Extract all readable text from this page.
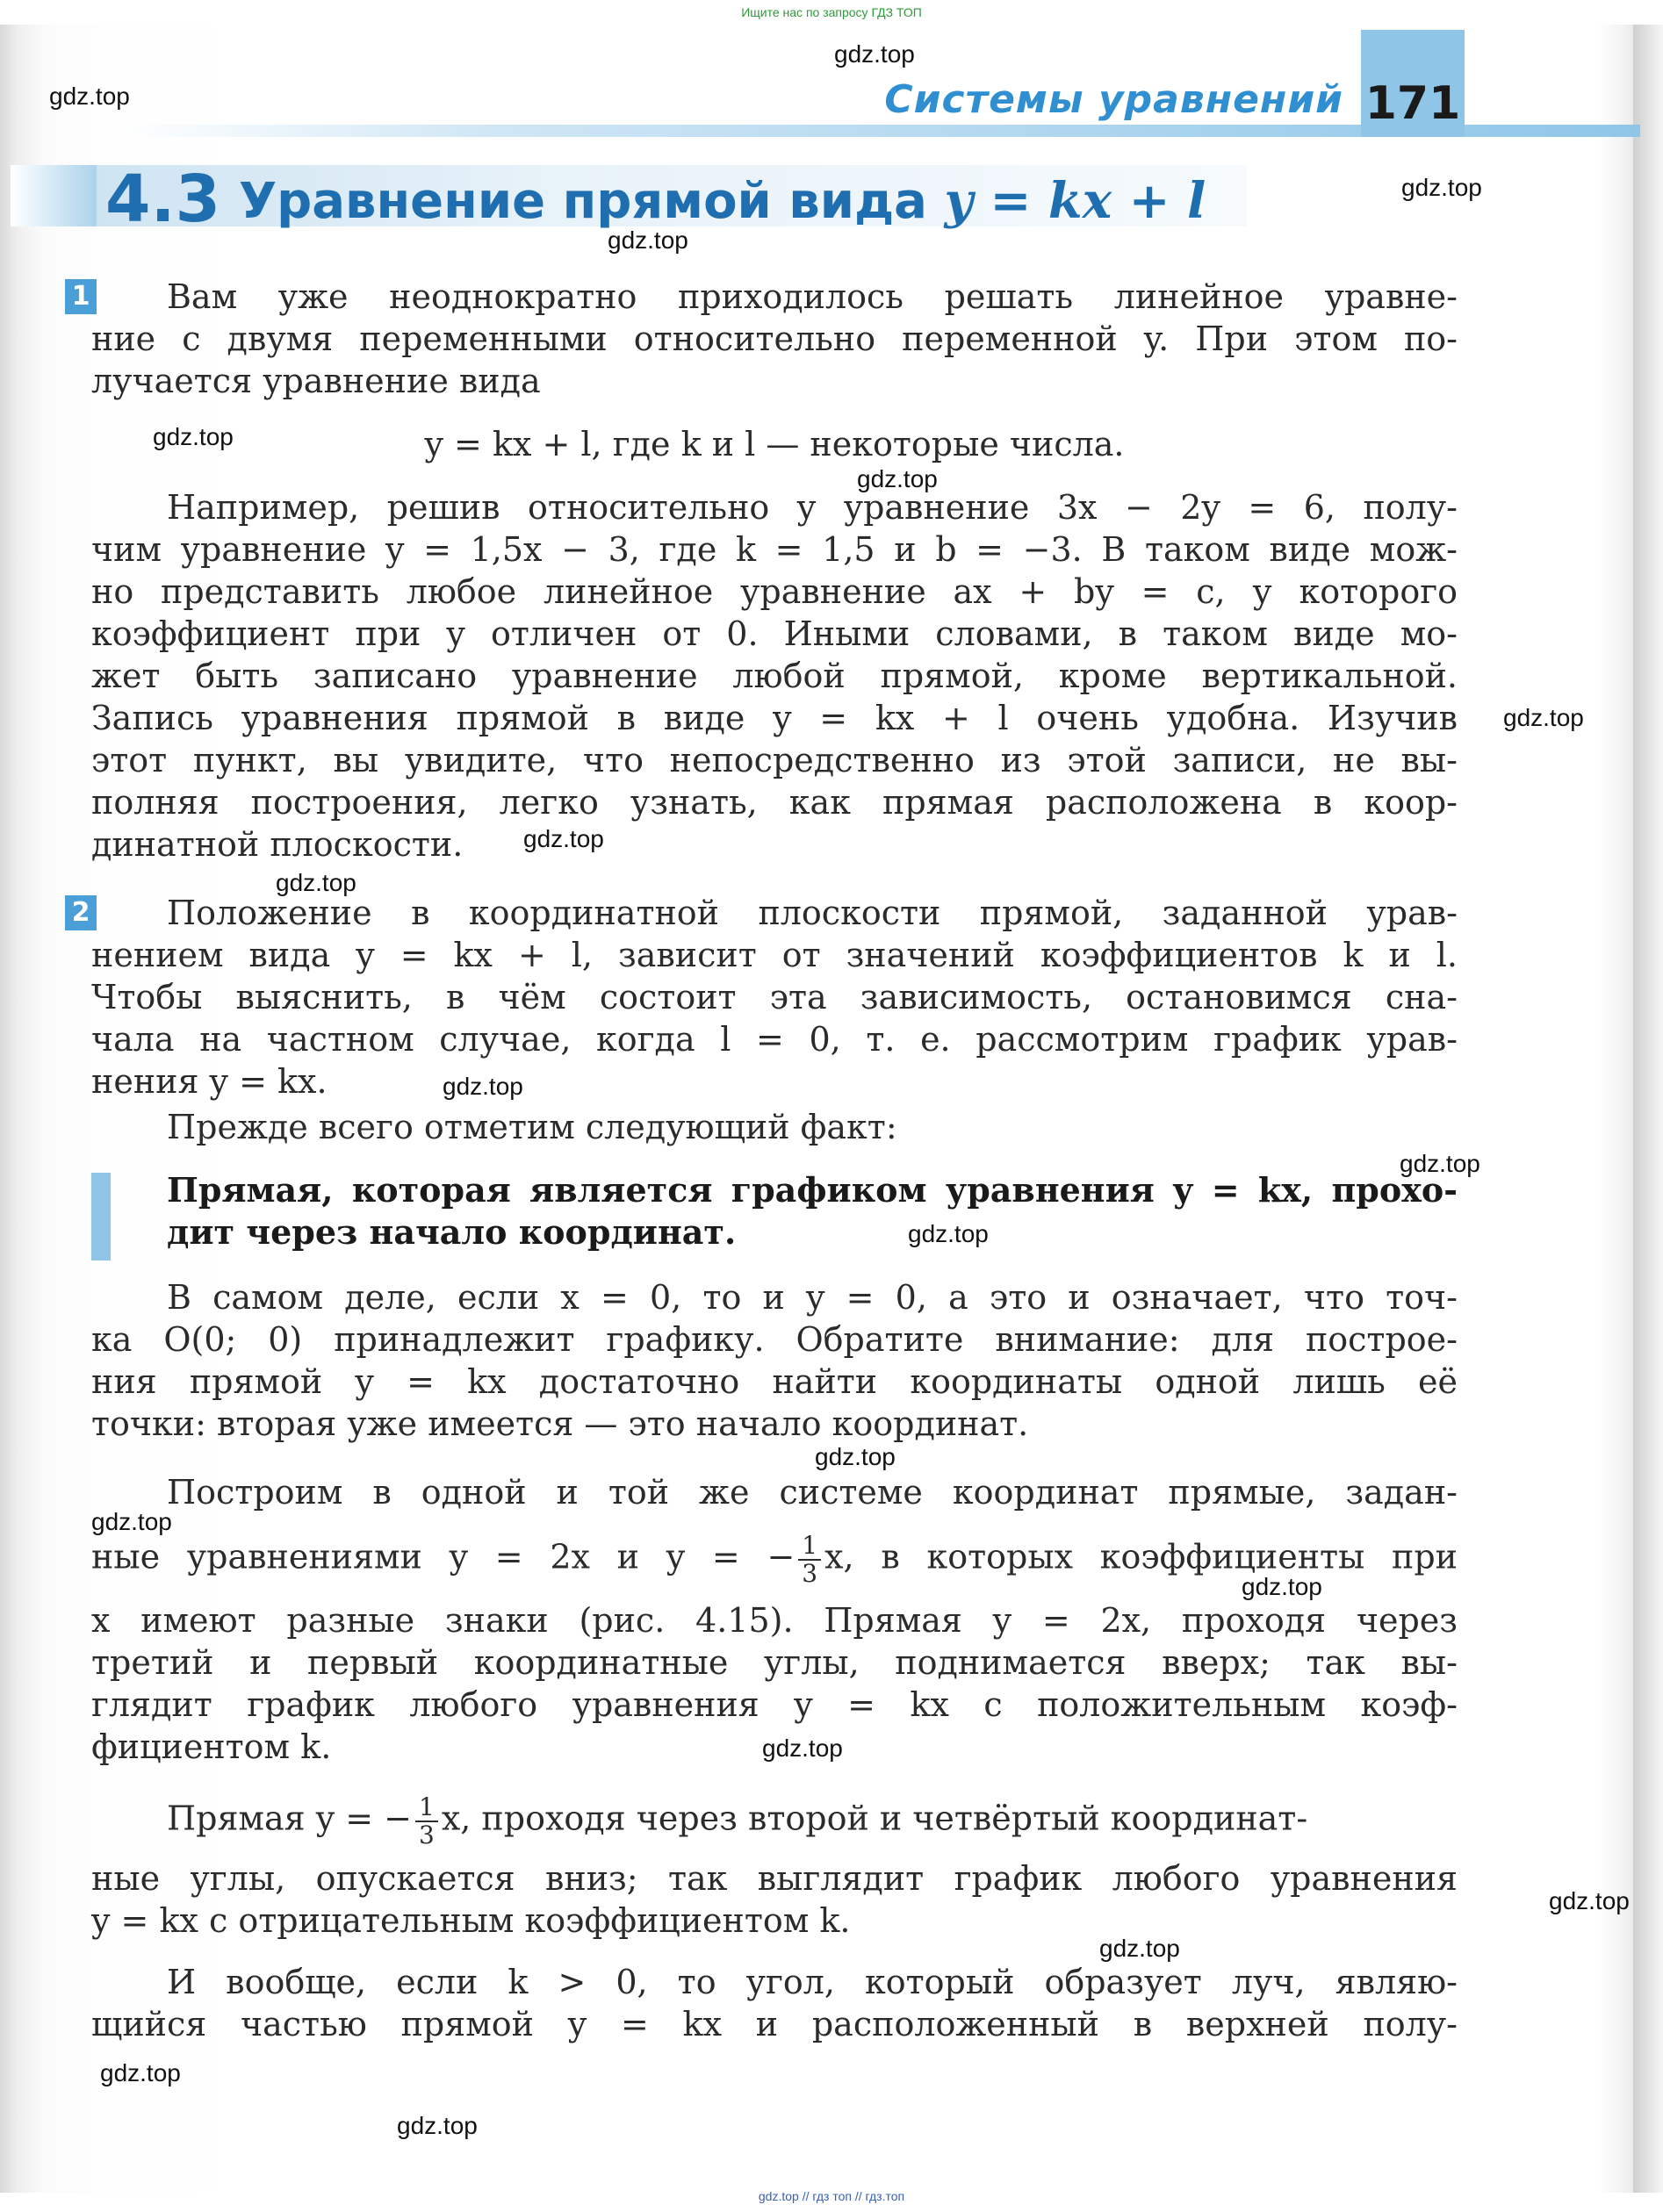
Ищите нас по запросу ГДЗ ТОП
Системы уравнений 171
4.3 Уравнение прямой вида y = kx + l
1
2
Вам уже неоднократно приходилось решать линейное уравне-
ние с двумя переменными относительно переменной y. При этом по-
лучается уравнение вида
y = kx + l, где k и l — некоторые числа.
Например, решив относительно y уравнение 3x − 2y = 6, полу-
чим уравнение y = 1,5x − 3, где k = 1,5 и b = −3. В таком виде мож-
но представить любое линейное уравнение ax + by = c, у которого
коэффициент при y отличен от 0. Иными словами, в таком виде мо-
жет быть записано уравнение любой прямой, кроме вертикальной.
Запись уравнения прямой в виде y = kx + l очень удобна. Изучив
этот пункт, вы увидите, что непосредственно из этой записи, не вы-
полняя построения, легко узнать, как прямая расположена в коор-
динатной плоскости.
Положение в координатной плоскости прямой, заданной урав-
нением вида y = kx + l, зависит от значений коэффициентов k и l.
Чтобы выяснить, в чём состоит эта зависимость, остановимся сна-
чала на частном случае, когда l = 0, т. е. рассмотрим график урав-
нения y = kx.
Прежде всего отметим следующий факт:
Прямая, которая является графиком уравнения y = kx, прохо-
дит через начало координат.
В самом деле, если x = 0, то и y = 0, а это и означает, что точ-
ка O(0; 0) принадлежит графику. Обратите внимание: для построе-
ния прямой y = kx достаточно найти координаты одной лишь её
точки: вторая уже имеется — это начало координат.
Построим в одной и той же системе координат прямые, задан-
ные уравнениями y = 2x и y = − $\frac{1}{3} x$, в которых коэффициенты при
x имеют разные знаки (рис. 4.15). Прямая y = 2x, проходя через
третий и первый координатные углы, поднимается вверх; так вы-
глядит график любого уравнения y = kx с положительным коэф-
фициентом k.
Прямая y = − $\frac{1}{3} x$, проходя через второй и четвёртый координат-
ные углы, опускается вниз; так выглядит график любого уравнения
y = kx с отрицательным коэффициентом k.
И вообще, если k > 0, то угол, который образует луч, являю-
щийся частью прямой y = kx и расположенный в верхней полу-
gdz.top
gdz.top
gdz.top
gdz.top
gdz.top
gdz.top
gdz.top
gdz.top
gdz.top
gdz.top
gdz.top
gdz.top
gdz.top
gdz.top
gdz.top
gdz.top
gdz.top
gdz.top
gdz.top
gdz.top
gdz.top // гдз топ // гдз.топ
